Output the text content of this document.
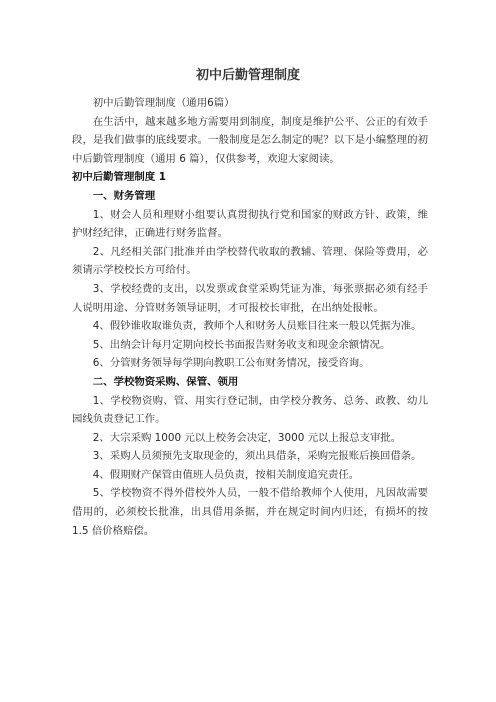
初中后勤管理制度

初中后勤管理制度（通用6篇）

在生活中，越来越多地方需要用到制度，制度是维护公平、公正的有效手段，是我们做事的底线要求。一般制度是怎么制定的呢？以下是小编整理的初中后勤管理制度（通用 6 篇），仅供参考，欢迎大家阅读。

初中后勤管理制度 1

一、财务管理

1、财会人员和理财小组要认真贯彻执行党和国家的财政方针、政策，维护财经纪律，正确进行财务监督。

2、凡经相关部门批准并由学校替代收取的教辅、管理、保险等费用，必须请示学校校长方可给付。

3、学校经费的支出，以发票或食堂采购凭证为准，每张票据必须有经手人说明用途、分管财务领导证明，才可报校长审批，在出纳处报帐。

4、假钞谁收取谁负责，教师个人和财务人员账目往来一般以凭据为准。

5、出纳会计每月定期向校长书面报告财务收支和现金余额情况。

6、分管财务领导每学期向教职工公布财务情况，接受咨询。

二、学校物资采购、保管、领用

1、学校物资购、管、用实行登记制，由学校分教务、总务、政教、幼儿园线负责登记工作。

2、大宗采购 1000 元以上校务会决定，3000 元以上报总支审批。

3、采购人员须预先支取现金的，须出具借条，采购完报账后换回借条。

4、假期财产保管由值班人员负责，按相关制度追究责任。

5、学校物资不得外借校外人员，一般不借给教师个人使用，凡因故需要借用的，必须校长批准，出具借用条据，并在规定时间内归还，有损坏的按 1.5 倍价格赔偿。
